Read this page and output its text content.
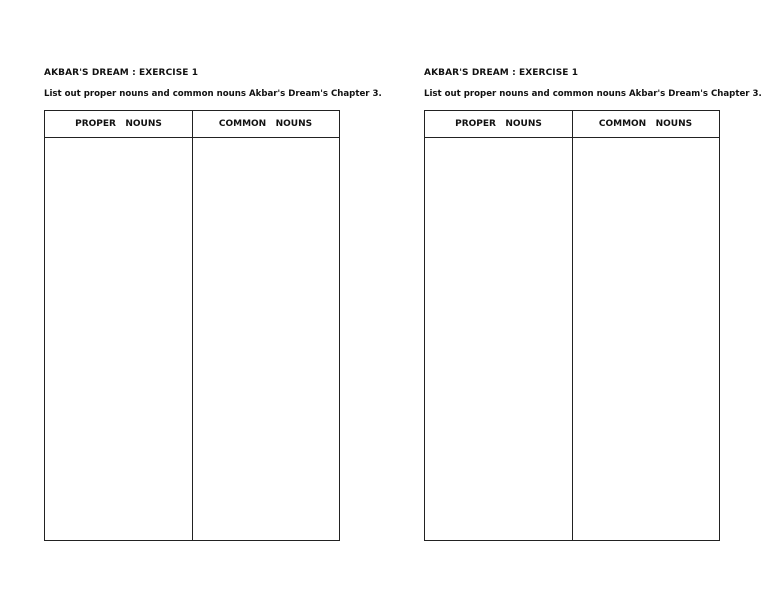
AKBAR'S DREAM : EXERCISE 1
List out proper nouns and common nouns Akbar's Dream's Chapter 3.
PROPER   NOUNS	COMMON   NOUNS
AKBAR'S DREAM : EXERCISE 1
List out proper nouns and common nouns Akbar's Dream's Chapter 3.
PROPER   NOUNS	COMMON   NOUNS
